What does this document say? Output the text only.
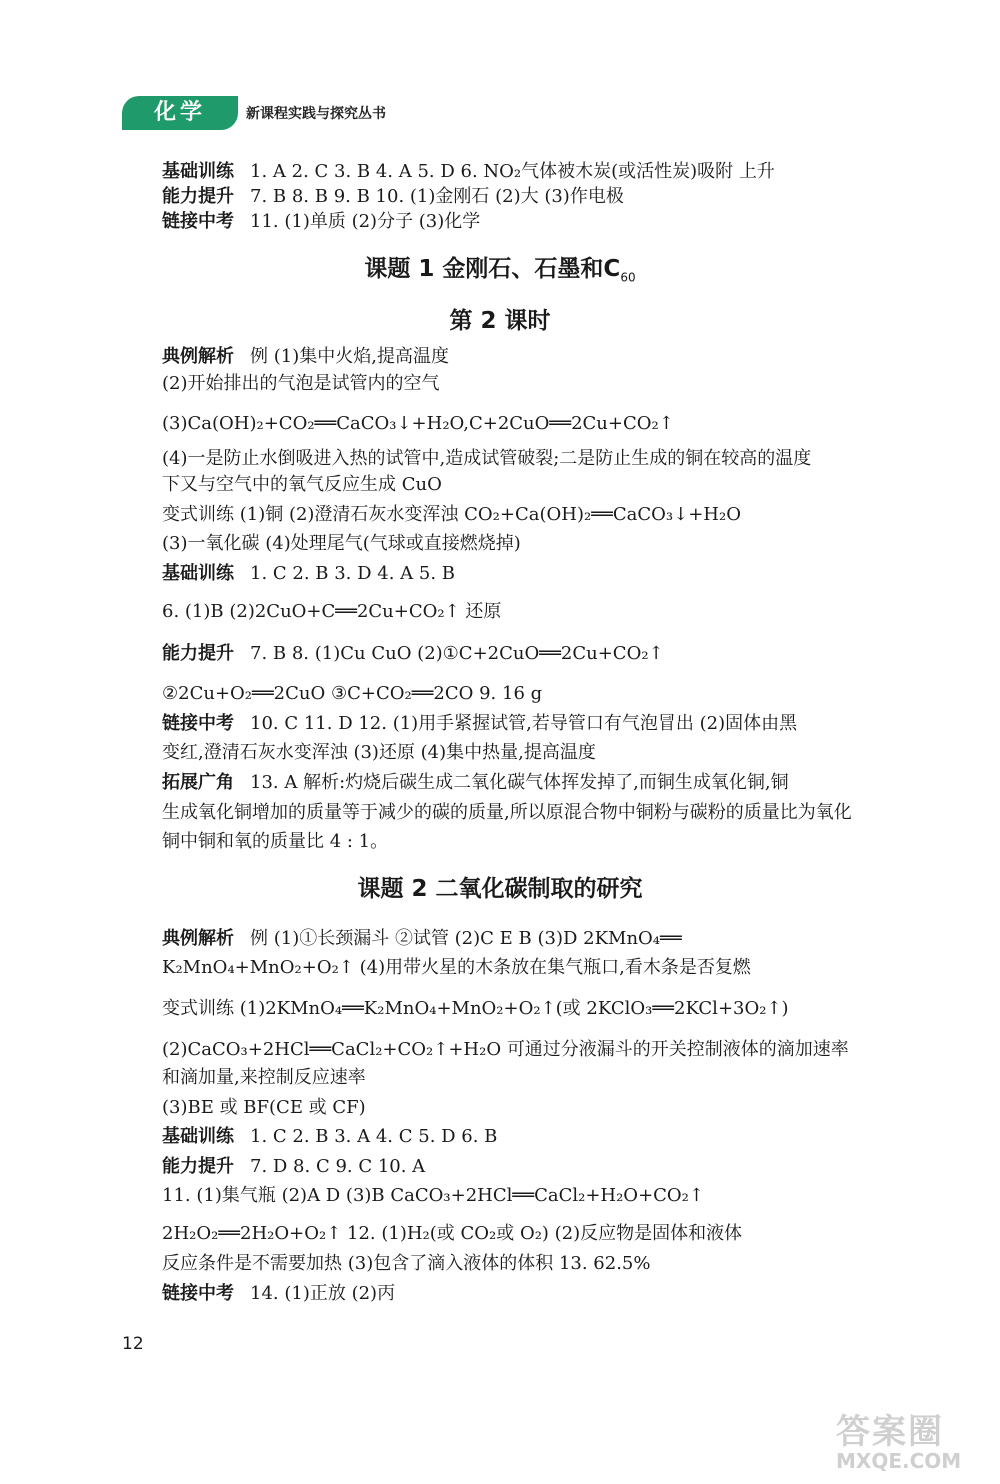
化学	新课程实践与探究丛书
基础训练 1. A 2. C 3. B 4. A 5. D 6. NO₂气体被木炭(或活性炭)吸附 上升
能力提升 7. B 8. B 9. B 10. (1)金刚石 (2)大 (3)作电极
链接中考 11. (1)单质 (2)分子 (3)化学
课题 1 金刚石、石墨和$C_{60}$
第 2 课时
典例解析 例 (1)集中火焰,提高温度
(2)开始排出的气泡是试管内的空气
(3)Ca(OH)₂+CO₂══CaCO₃↓+H₂O,C+2CuO══2Cu+CO₂↑
(4)一是防止水倒吸进入热的试管中,造成试管破裂;二是防止生成的铜在较高的温度
下又与空气中的氧气反应生成 CuO
变式训练 (1)铜 (2)澄清石灰水变浑浊 CO₂+Ca(OH)₂══CaCO₃↓+H₂O
(3)一氧化碳 (4)处理尾气(气球或直接燃烧掉)
基础训练 1. C 2. B 3. D 4. A 5. B
6. (1)B (2)2CuO+C══2Cu+CO₂↑ 还原
能力提升 7. B 8. (1)Cu CuO (2)①C+2CuO══2Cu+CO₂↑
②2Cu+O₂══2CuO ③C+CO₂══2CO 9. 16 g
链接中考 10. C 11. D 12. (1)用手紧握试管,若导管口有气泡冒出 (2)固体由黑
变红,澄清石灰水变浑浊 (3)还原 (4)集中热量,提高温度
拓展广角 13. A 解析:灼烧后碳生成二氧化碳气体挥发掉了,而铜生成氧化铜,铜
生成氧化铜增加的质量等于减少的碳的质量,所以原混合物中铜粉与碳粉的质量比为氧化
铜中铜和氧的质量比 4 : 1。
课题 2 二氧化碳制取的研究
典例解析 例 (1)①长颈漏斗 ②试管 (2)C E B (3)D 2KMnO₄══
K₂MnO₄+MnO₂+O₂↑ (4)用带火星的木条放在集气瓶口,看木条是否复燃
变式训练 (1)2KMnO₄══K₂MnO₄+MnO₂+O₂↑(或 2KClO₃══2KCl+3O₂↑)
(2)CaCO₃+2HCl══CaCl₂+CO₂↑+H₂O 可通过分液漏斗的开关控制液体的滴加速率
和滴加量,来控制反应速率
(3)BE 或 BF(CE 或 CF)
基础训练 1. C 2. B 3. A 4. C 5. D 6. B
能力提升 7. D 8. C 9. C 10. A
11. (1)集气瓶 (2)A D (3)B CaCO₃+2HCl══CaCl₂+H₂O+CO₂↑
2H₂O₂══2H₂O+O₂↑ 12. (1)H₂(或 CO₂或 O₂) (2)反应物是固体和液体
反应条件是不需要加热 (3)包含了滴入液体的体积 13. 62.5%
链接中考 14. (1)正放 (2)丙
12
答案圈
MXQE.COM
